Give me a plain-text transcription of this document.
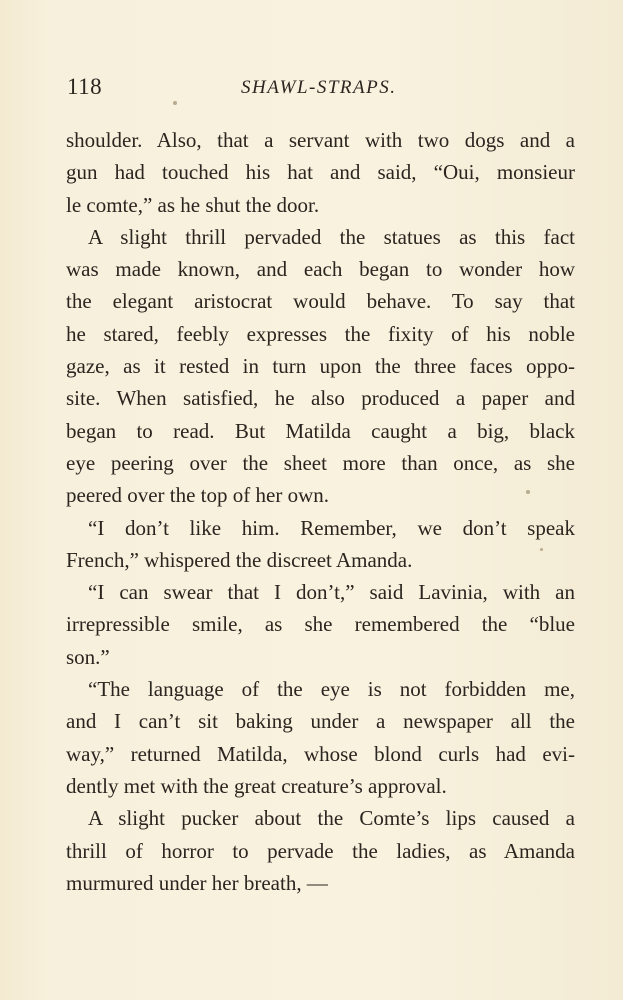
118	SHAWL-STRAPS.
shoulder. Also, that a servant with two dogs and a
gun had touched his hat and said, “Oui, monsieur
le comte,” as he shut the door.
A slight thrill pervaded the statues as this fact
was made known, and each began to wonder how
the elegant aristocrat would behave. To say that
he stared, feebly expresses the fixity of his noble
gaze, as it rested in turn upon the three faces oppo-
site. When satisfied, he also produced a paper and
began to read. But Matilda caught a big, black
eye peering over the sheet more than once, as she
peered over the top of her own.
“I don’t like him. Remember, we don’t speak
French,” whispered the discreet Amanda.
“I can swear that I don’t,” said Lavinia, with an
irrepressible smile, as she remembered the “blue
son.”
“The language of the eye is not forbidden me,
and I can’t sit baking under a newspaper all the
way,” returned Matilda, whose blond curls had evi-
dently met with the great creature’s approval.
A slight pucker about the Comte’s lips caused a
thrill of horror to pervade the ladies, as Amanda
murmured under her breath, —
